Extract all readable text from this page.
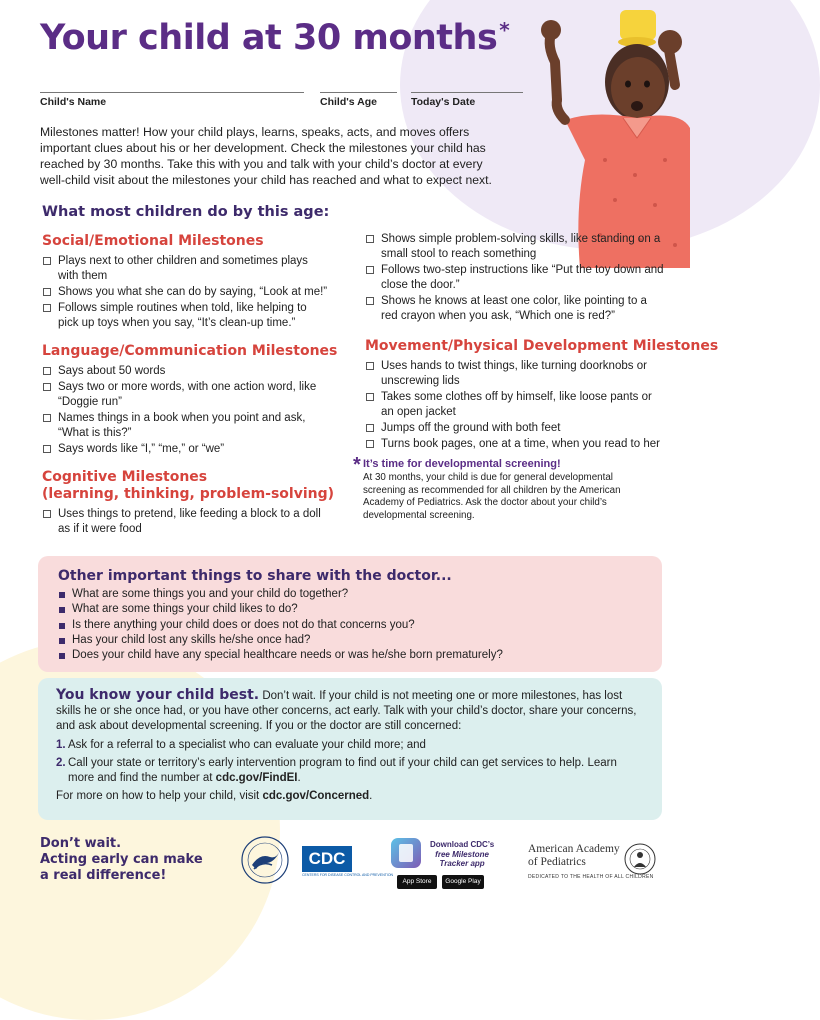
Your child at 30 months *
Child's Name	Child's Age	Today's Date

Milestones matter! How your child plays, learns, speaks, acts, and moves offers important clues about his or her development. Check the milestones your child has reached by 30 months. Take this with you and talk with your child’s doctor at every well-child visit about the milestones your child has reached and what to expect next.

What most children do by this age:
Social/Emotional Milestones
Plays next to other children and sometimes plays with them
Shows you what she can do by saying, “Look at me!”
Follows simple routines when told, like helping to pick up toys when you say, “It’s clean-up time.”
Language/Communication Milestones
Says about 50 words
Says two or more words, with one action word, like “Doggie run”
Names things in a book when you point and ask, “What is this?”
Says words like “I,” “me,” or “we”
Cognitive Milestones
(learning, thinking, problem-solving)
Uses things to pretend, like feeding a block to a doll as if it were food
Shows simple problem-solving skills, like standing on a small stool to reach something
Follows two-step instructions like “Put the toy down and close the door.”
Shows he knows at least one color, like pointing to a red crayon when you ask, “Which one is red?”
Movement/Physical Development Milestones
Uses hands to twist things, like turning doorknobs or unscrewing lids
Takes some clothes off by himself, like loose pants or an open jacket
Jumps off the ground with both feet
Turns book pages, one at a time, when you read to her
* It’s time for developmental screening!
At 30 months, your child is due for general developmental screening as recommended for all children by the American Academy of Pediatrics. Ask the doctor about your child’s developmental screening.
Other important things to share with the doctor...
What are some things you and your child do together?
What are some things your child likes to do?
Is there anything your child does or does not do that concerns you?
Has your child lost any skills he/she once had?
Does your child have any special healthcare needs or was he/she born prematurely?

You know your child best. Don’t wait. If your child is not meeting one or more milestones, has lost skills he or she once had, or you have other concerns, act early. Talk with your child’s doctor, share your concerns, and ask about developmental screening. If you or the doctor are still concerned:

1. Ask for a referral to a specialist who can evaluate your child more; and
2. Call your state or territory’s early intervention program to find out if your child can get services to help. Learn more and find the number at cdc.gov/FindEI.

For more on how to help your child, visit cdc.gov/Concerned.

Don’t wait.
Acting early can make
a real difference!
CDC
CENTERS FOR DISEASE CONTROL AND PREVENTION
Download CDC’s
free Milestone
Tracker app
App Store	Google Play
American Academy
of Pediatrics
DEDICATED TO THE HEALTH OF ALL CHILDREN
